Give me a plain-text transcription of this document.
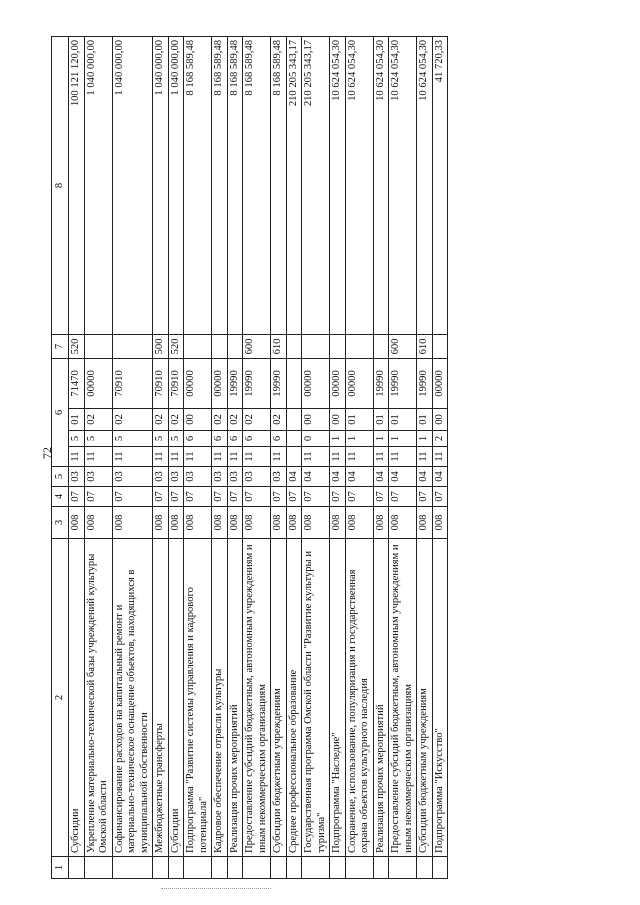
72
1	2	3	4	5	6				7	8
	Субсидии	008	07	03	11	5	01	71470	520	100 121 120,00
	Укрепление материально-технической базы учреждений культуры Омской области	008	07	03	11	5	02	00000		1 040 000,00
	Софинансирование расходов на капитальный ремонт и материально-техническое оснащение объектов, находящихся в муниципальной собственности	008	07	03	11	5	02	70910		1 040 000,00
	Межбюджетные трансферты	008	07	03	11	5	02	70910	500	1 040 000,00
	Субсидии	008	07	03	11	5	02	70910	520	1 040 000,00
	Подпрограмма "Развитие системы управления и кадрового потенциала"	008	07	03	11	6	00	00000		8 168 589,48
	Кадровое обеспечение отрасли культуры	008	07	03	11	6	02	00000		8 168 589,48
	Реализация прочих мероприятий	008	07	03	11	6	02	19990		8 168 589,48
	Предоставление субсидий бюджетным, автономным учреждениям и иным некоммерческим организациям	008	07	03	11	6	02	19990	600	8 168 589,48
	Субсидии бюджетным учреждениям	008	07	03	11	6	02	19990	610	8 168 589,48
	Среднее профессиональное образование	008	07	04						210 205 343,17
	Государственная программа Омской области "Развитие культуры и туризма"	008	07	04	11	0	00	00000		210 205 343,17
	Подпрограмма "Наследие"	008	07	04	11	1	00	00000		10 624 054,30
	Сохранение, использование, популяризация и государственная охрана объектов культурного наследия	008	07	04	11	1	01	00000		10 624 054,30
	Реализация прочих мероприятий	008	07	04	11	1	01	19990		10 624 054,30
	Предоставление субсидий бюджетным, автономным учреждениям и иным некоммерческим организациям	008	07	04	11	1	01	19990	600	10 624 054,30
	Субсидии бюджетным учреждениям	008	07	04	11	1	01	19990	610	10 624 054,30
	Подпрограмма "Искусство"	008	07	04	11	2	00	00000		41 720,33
